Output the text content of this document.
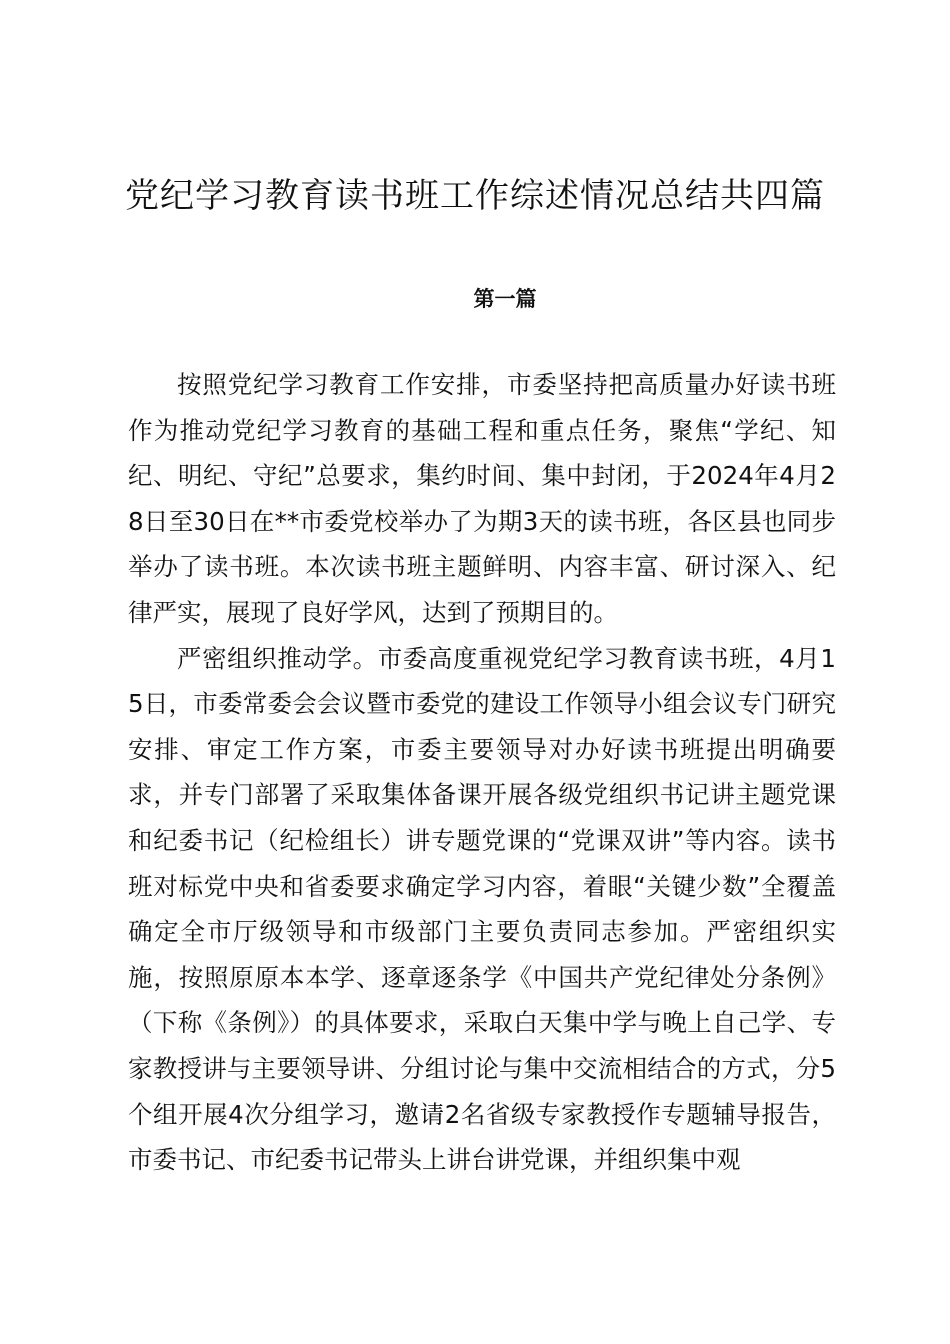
党纪学习教育读书班工作综述情况总结共四篇
第一篇

按照党纪学习教育工作安排，市委坚持把高质量办好读书班作为推动党纪学习教育的基础工程和重点任务，聚焦“学纪、知纪、明纪、守纪”总要求，集约时间、集中封闭，于2024年4月28日至30日在**市委党校举办了为期3天的读书班，各区县也同步举办了读书班。本次读书班主题鲜明、内容丰富、研讨深入、纪律严实，展现了良好学风，达到了预期目的。

严密组织推动学。市委高度重视党纪学习教育读书班，4月15日，市委常委会会议暨市委党的建设工作领导小组会议专门研究安排、审定工作方案，市委主要领导对办好读书班提出明确要求，并专门部署了采取集体备课开展各级党组织书记讲主题党课和纪委书记（纪检组长）讲专题党课的“党课双讲”等内容。读书班对标党中央和省委要求确定学习内容，着眼“关键少数”全覆盖确定全市厅级领导和市级部门主要负责同志参加。严密组织实施，按照原原本本学、逐章逐条学《中国共产党纪律处分条例》（下称《条例》）的具体要求，采取白天集中学与晚上自己学、专家教授讲与主要领导讲、分组讨论与集中交流相结合的方式，分5个组开展4次分组学习，邀请2名省级专家教授作专题辅导报告，市委书记、市纪委书记带头上讲台讲党课，并组织集中观
